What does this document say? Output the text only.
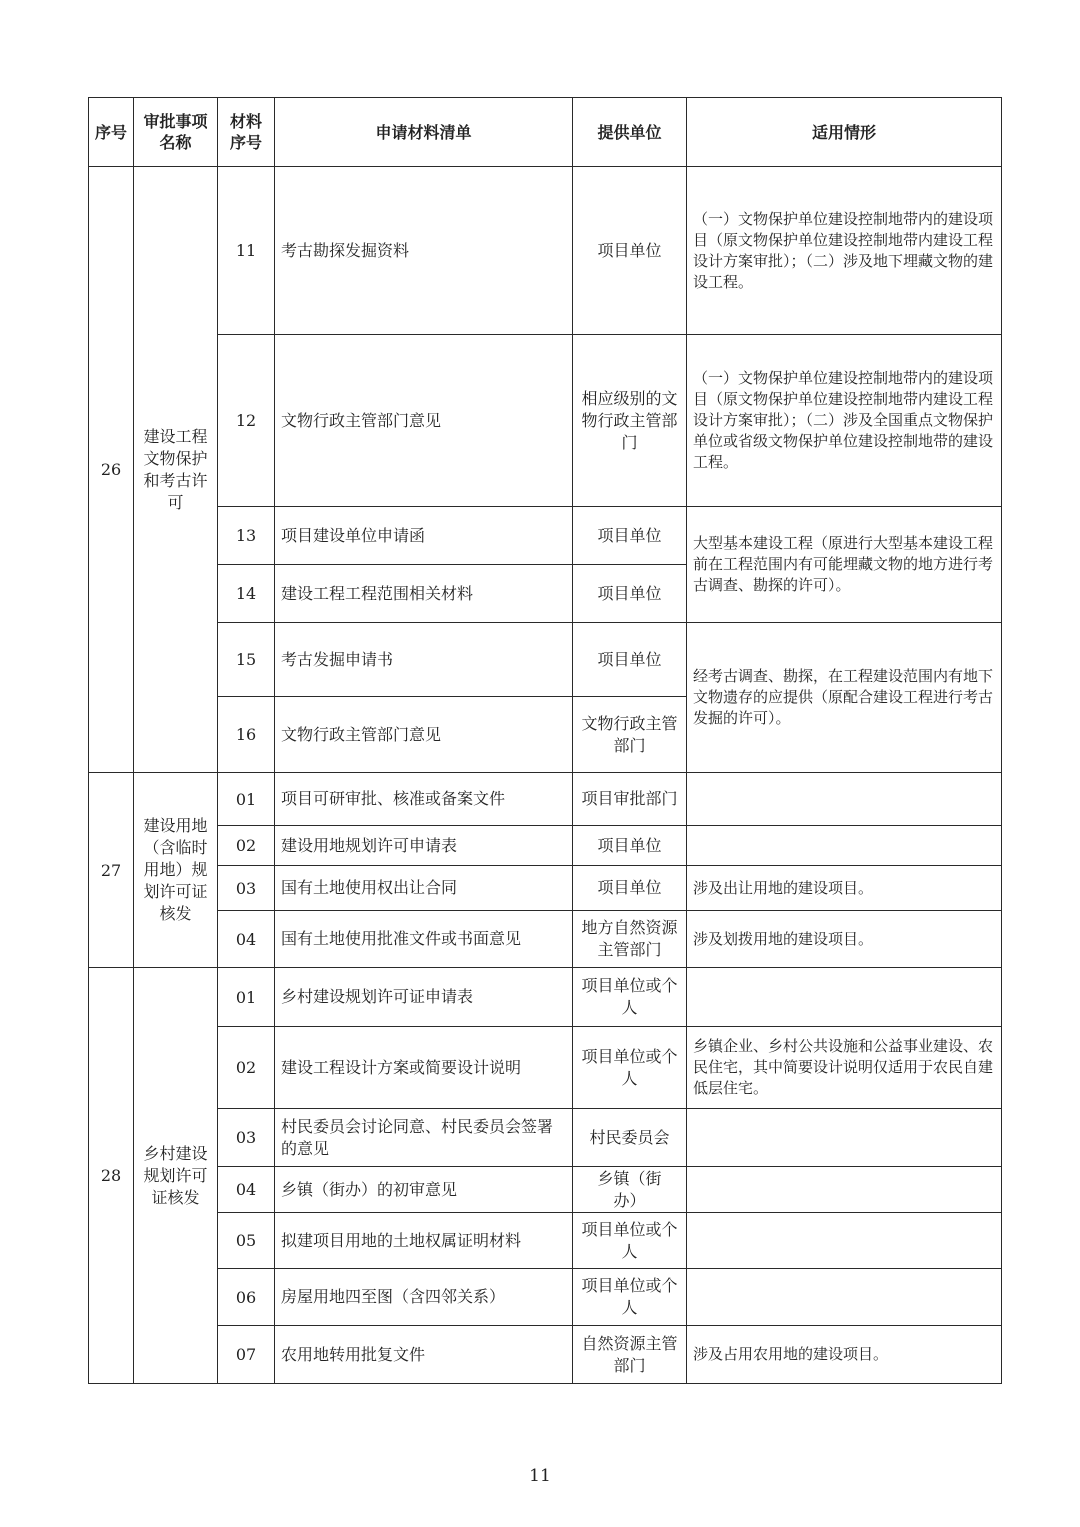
序号	审批事项名称	材料序号	申请材料清单	提供单位	适用情形
26	建设工程文物保护和考古许可	11	考古勘探发掘资料	项目单位	（一）文物保护单位建设控制地带内的建设项目（原文物保护单位建设控制地带内建设工程设计方案审批）；（二）涉及地下埋藏文物的建设工程。
		12	文物行政主管部门意见	相应级别的文物行政主管部门	（一）文物保护单位建设控制地带内的建设项目（原文物保护单位建设控制地带内建设工程设计方案审批）；（二）涉及全国重点文物保护单位或省级文物保护单位建设控制地带的建设工程。
		13	项目建设单位申请函	项目单位	大型基本建设工程（原进行大型基本建设工程前在工程范围内有可能埋藏文物的地方进行考古调查、勘探的许可）。
		14	建设工程工程范围相关材料	项目单位	
		15	考古发掘申请书	项目单位	经考古调查、勘探，在工程建设范围内有地下文物遗存的应提供（原配合建设工程进行考古发掘的许可）。
		16	文物行政主管部门意见	文物行政主管部门	
27	建设用地（含临时用地）规划许可证核发	01	项目可研审批、核准或备案文件	项目审批部门	
		02	建设用地规划许可申请表	项目单位	
		03	国有土地使用权出让合同	项目单位	涉及出让用地的建设项目。
		04	国有土地使用批准文件或书面意见	地方自然资源主管部门	涉及划拨用地的建设项目。
28	乡村建设规划许可证核发	01	乡村建设规划许可证申请表	项目单位或个人	
		02	建设工程设计方案或简要设计说明	项目单位或个人	乡镇企业、乡村公共设施和公益事业建设、农民住宅，其中简要设计说明仅适用于农民自建低层住宅。
		03	村民委员会讨论同意、村民委员会签署的意见	村民委员会	
		04	乡镇（街办）的初审意见	乡镇（街办）	
		05	拟建项目用地的土地权属证明材料	项目单位或个人	
		06	房屋用地四至图（含四邻关系）	项目单位或个人	
		07	农用地转用批复文件	自然资源主管部门	涉及占用农用地的建设项目。
11
